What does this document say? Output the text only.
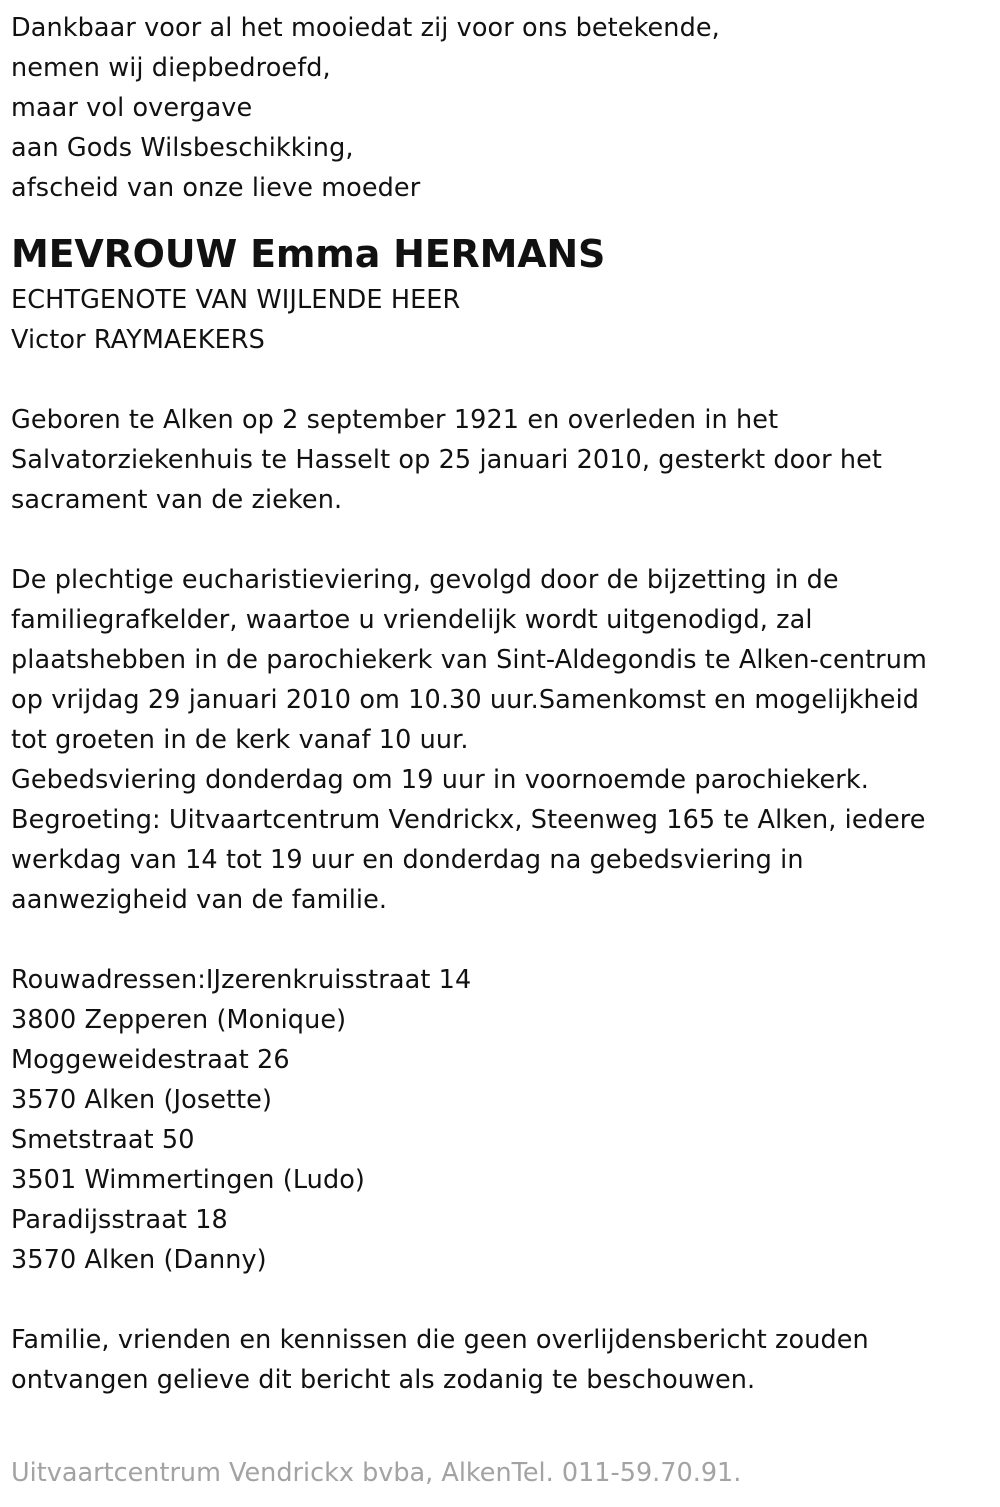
Dankbaar voor al het mooiedat zij voor ons betekende,
nemen wij diepbedroefd,
maar vol overgave
aan Gods Wilsbeschikking,
afscheid van onze lieve moeder
MEVROUW Emma HERMANS
ECHTGENOTE VAN WIJLENDE HEER
Victor RAYMAEKERS
Geboren te Alken op 2 september 1921 en overleden in het
Salvatorziekenhuis te Hasselt op 25 januari 2010, gesterkt door het
sacrament van de zieken.
De plechtige eucharistieviering, gevolgd door de bijzetting in de
familiegrafkelder, waartoe u vriendelijk wordt uitgenodigd, zal
plaatshebben in de parochiekerk van Sint-Aldegondis te Alken-centrum
op vrijdag 29 januari 2010 om 10.30 uur.Samenkomst en mogelijkheid
tot groeten in de kerk vanaf 10 uur.
Gebedsviering donderdag om 19 uur in voornoemde parochiekerk.
Begroeting: Uitvaartcentrum Vendrickx, Steenweg 165 te Alken, iedere
werkdag van 14 tot 19 uur en donderdag na gebedsviering in
aanwezigheid van de familie.
Rouwadressen:IJzerenkruisstraat 14
3800 Zepperen (Monique)
Moggeweidestraat 26
3570 Alken (Josette)
Smetstraat 50
3501 Wimmertingen (Ludo)
Paradijsstraat 18
3570 Alken (Danny)
Familie, vrienden en kennissen die geen overlijdensbericht zouden
ontvangen gelieve dit bericht als zodanig te beschouwen.
Uitvaartcentrum Vendrickx bvba, AlkenTel. 011-59.70.91.
